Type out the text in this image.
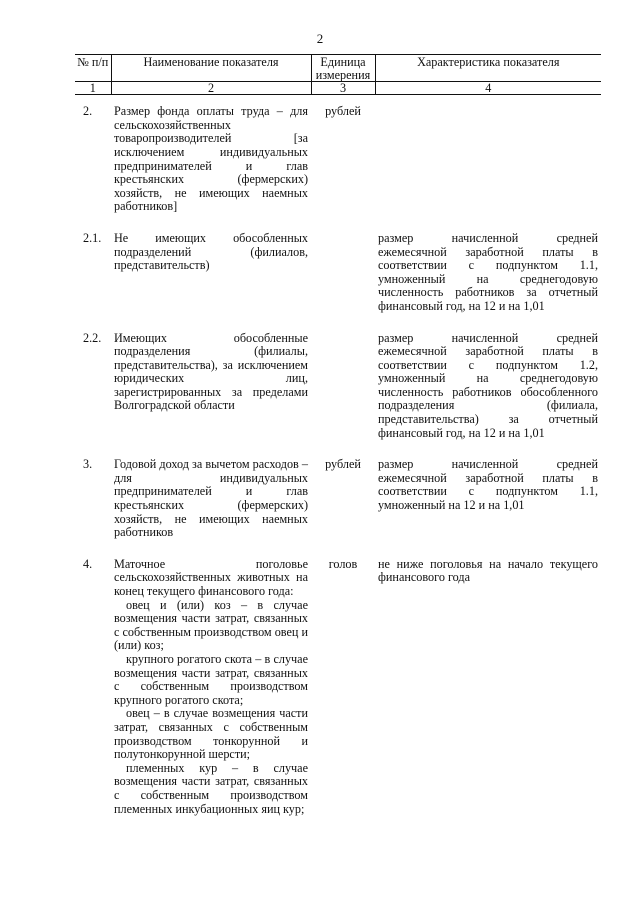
2
№ п/п	Наименование показателя	Единица измерения	Характеристика показателя
1	2	3	4
2.	Размер фонда оплаты труда – для сельскохозяйственных товаропроизводителей [за исключением индивидуальных предпринимателей и глав крестьянских (фермерских) хозяйств, не имеющих наемных работников]	рублей	
2.1.	Не имеющих обособленных подразделений (филиалов, представительств)		размер начисленной средней ежемесячной заработной платы в соответствии с подпунктом 1.1, умноженный на среднегодовую численность работников за отчетный финансовый год, на 12 и на 1,01
2.2.	Имеющих обособленные подразделения (филиалы, представительства), за исключением юридических лиц, зарегистрированных за пределами Волгоградской области		размер начисленной средней ежемесячной заработной платы в соответствии с подпунктом 1.2, умноженный на среднегодовую численность работников обособленного подразделения (филиала, представительства) за отчетный финансовый год, на 12 и на 1,01
3.	Годовой доход за вычетом расходов – для индивидуальных предпринимателей и глав крестьянских (фермерских) хозяйств, не имеющих наемных работников	рублей	размер начисленной средней ежемесячной заработной платы в соответствии с подпунктом 1.1, умноженный на 12 и на 1,01
4.	Маточное поголовье сельскохозяйственных животных на конец текущего финансового года:
овец и (или) коз – в случае возмещения части затрат, связанных с собственным производством овец и (или) коз;
крупного рогатого скота – в случае возмещения части затрат, связанных с собственным производством крупного рогатого скота;
овец – в случае возмещения части затрат, связанных с собственным производством тонкорунной и полутонкорунной шерсти;
племенных кур – в случае возмещения части затрат, связанных с собственным производством племенных инкубационных яиц кур;	голов	не ниже поголовья на начало текущего финансового года
